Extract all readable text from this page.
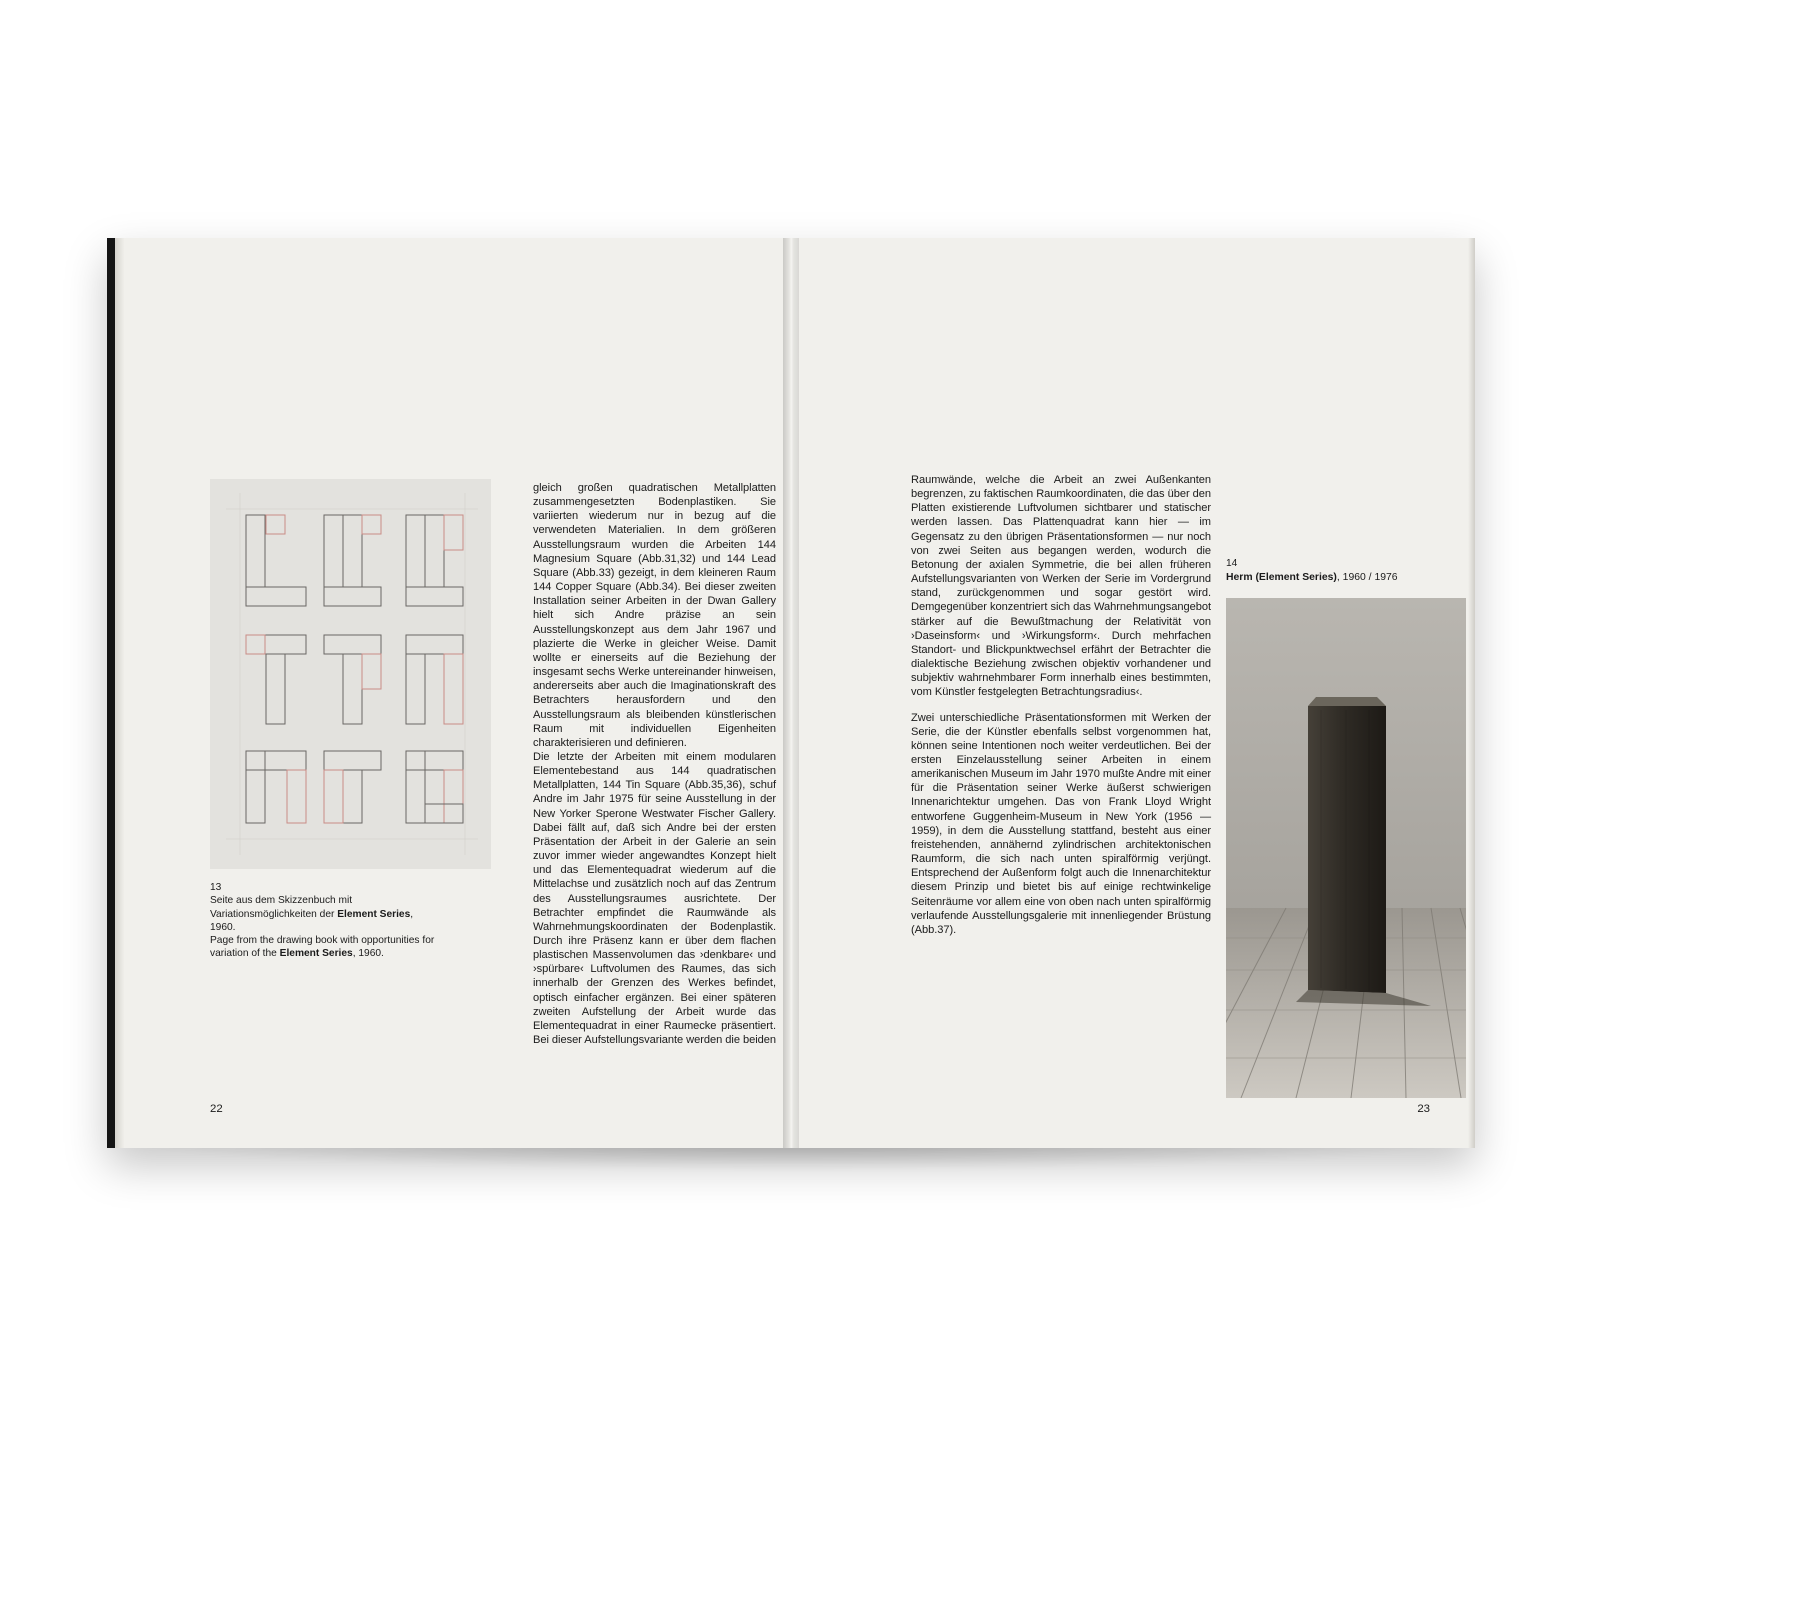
13
Seite aus dem Skizzenbuch mit Variationsmöglichkeiten der Element Series, 1960.
Page from the drawing book with opportunities for variation of the Element Series, 1960.

gleich großen quadratischen Metallplatten zusammengesetzten Bodenplastiken. Sie variierten wiederum nur in bezug auf die verwendeten Materialien. In dem größeren Ausstellungsraum wurden die Arbeiten 144 Magnesium Square (Abb.31,32) und 144 Lead Square (Abb.33) gezeigt, in dem kleineren Raum 144 Copper Square (Abb.34). Bei dieser zweiten Installation seiner Arbeiten in der Dwan Gallery hielt sich Andre präzise an sein Ausstellungskonzept aus dem Jahr 1967 und plazierte die Werke in gleicher Weise. Damit wollte er einerseits auf die Beziehung der insgesamt sechs Werke untereinander hinweisen, andererseits aber auch die Imaginationskraft des Betrachters herausfordern und den Ausstellungsraum als bleibenden künstlerischen Raum mit individuellen Eigenheiten charakterisieren und definieren.

Die letzte der Arbeiten mit einem modularen Elementebestand aus 144 quadratischen Metallplatten, 144 Tin Square (Abb.35,36), schuf Andre im Jahr 1975 für seine Ausstellung in der New Yorker Sperone Westwater Fischer Gallery. Dabei fällt auf, daß sich Andre bei der ersten Präsentation der Arbeit in der Galerie an sein zuvor immer wieder angewandtes Konzept hielt und das Elementequadrat wiederum auf die Mittelachse und zusätzlich noch auf das Zentrum des Ausstellungsraumes ausrichtete. Der Betrachter empfindet die Raumwände als Wahrnehmungskoordinaten der Bodenplastik. Durch ihre Präsenz kann er über dem flachen plastischen Massenvolumen das ›denkbare‹ und ›spürbare‹ Luftvolumen des Raumes, das sich innerhalb der Grenzen des Werkes befindet, optisch einfacher ergänzen. Bei einer späteren zweiten Aufstellung der Arbeit wurde das Elementequadrat in einer Raumecke präsentiert. Bei dieser Aufstellungsvariante werden die beiden

22

Raumwände, welche die Arbeit an zwei Außenkanten begrenzen, zu faktischen Raumkoordinaten, die das über den Platten existierende Luftvolumen sichtbarer und statischer werden lassen. Das Plattenquadrat kann hier — im Gegensatz zu den übrigen Präsentationsformen — nur noch von zwei Seiten aus begangen werden, wodurch die Betonung der axialen Symmetrie, die bei allen früheren Aufstellungsvarianten von Werken der Serie im Vordergrund stand, zurückgenommen und sogar gestört wird. Demgegenüber konzentriert sich das Wahrnehmungsangebot stärker auf die Bewußtmachung der Relativität von ›Daseinsform‹ und ›Wirkungsform‹. Durch mehrfachen Standort- und Blickpunktwechsel erfährt der Betrachter die dialektische Beziehung zwischen objektiv vorhandener und subjektiv wahrnehmbarer Form innerhalb eines bestimmten, vom Künstler festgelegten Betrachtungsradius‹.

Zwei unterschiedliche Präsentationsformen mit Werken der Serie, die der Künstler ebenfalls selbst vorgenommen hat, können seine Intentionen noch weiter verdeutlichen. Bei der ersten Einzelausstellung seiner Arbeiten in einem amerikanischen Museum im Jahr 1970 mußte Andre mit einer für die Präsentation seiner Werke äußerst schwierigen Innenarichtektur umgehen. Das von Frank Lloyd Wright entworfene Guggenheim-Museum in New York (1956 — 1959), in dem die Ausstellung stattfand, besteht aus einer freistehenden, annähernd zylindrischen architektonischen Raumform, die sich nach unten spiralförmig verjüngt. Entsprechend der Außenform folgt auch die Innenarchitektur diesem Prinzip und bietet bis auf einige rechtwinkelige Seitenräume vor allem eine von oben nach unten spiralförmig verlaufende Ausstellungsgalerie mit innenliegender Brüstung (Abb.37).

14
Herm (Element Series), 1960 / 1976
23
